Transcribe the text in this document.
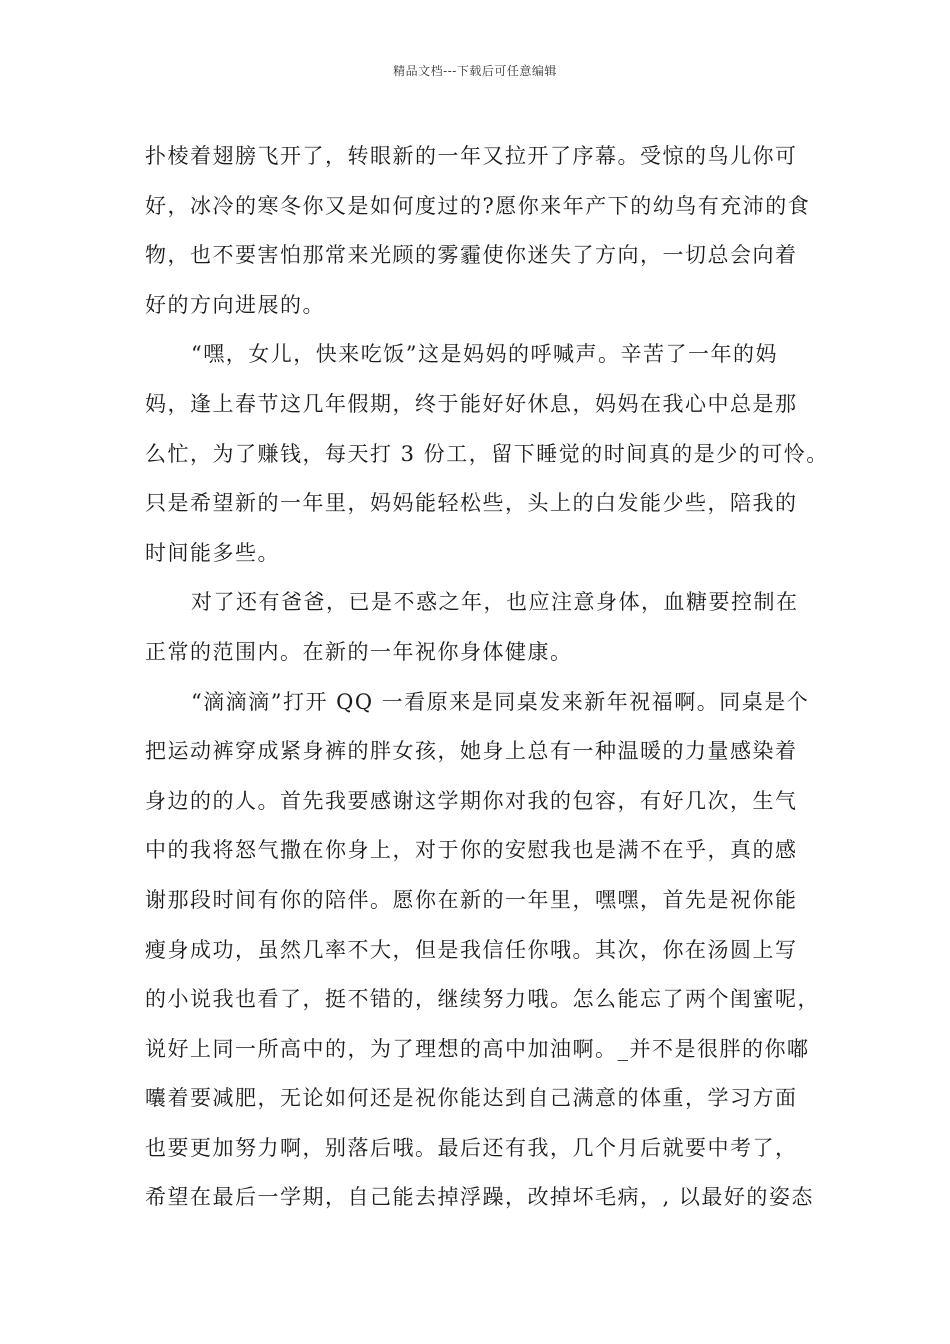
精品文档---下载后可任意编辑
扑棱着翅膀飞开了，转眼新的一年又拉开了序幕。受惊的鸟儿你可
好，冰冷的寒冬你又是如何度过的?愿你来年产下的幼鸟有充沛的食
物，也不要害怕那常来光顾的雾霾使你迷失了方向，一切总会向着
好的方向进展的。
“嘿，女儿，快来吃饭”这是妈妈的呼喊声。辛苦了一年的妈
妈，逢上春节这几年假期，终于能好好休息，妈妈在我心中总是那
么忙，为了赚钱，每天打 3 份工，留下睡觉的时间真的是少的可怜。
只是希望新的一年里，妈妈能轻松些，头上的白发能少些，陪我的
时间能多些。
对了还有爸爸，已是不惑之年，也应注意身体，血糖要控制在
正常的范围内。在新的一年祝你身体健康。
“滴滴滴”打开 QQ 一看原来是同桌发来新年祝福啊。同桌是个
把运动裤穿成紧身裤的胖女孩，她身上总有一种温暖的力量感染着
身边的的人。首先我要感谢这学期你对我的包容，有好几次，生气
中的我将怒气撒在你身上，对于你的安慰我也是满不在乎，真的感
谢那段时间有你的陪伴。愿你在新的一年里，嘿嘿，首先是祝你能
瘦身成功，虽然几率不大，但是我信任你哦。其次，你在汤圆上写
的小说我也看了，挺不错的，继续努力哦。怎么能忘了两个闺蜜呢，
说好上同一所高中的，为了理想的高中加油啊。_并不是很胖的你嘟
囔着要减肥，无论如何还是祝你能达到自己满意的体重，学习方面
也要更加努力啊，别落后哦。最后还有我，几个月后就要中考了，
希望在最后一学期，自己能去掉浮躁，改掉坏毛病，, 以最好的姿态
